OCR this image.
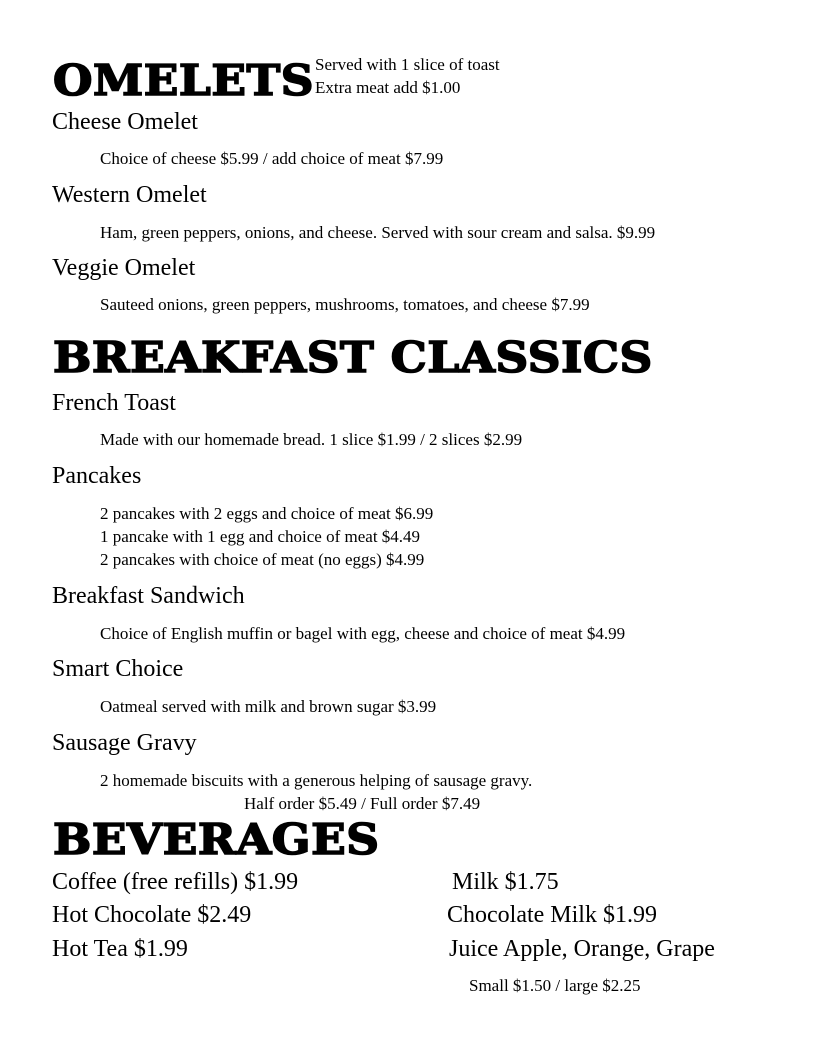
OMELETS Served with 1 slice of toast
Extra meat add $1.00
Cheese Omelet
Choice of cheese $5.99 / add choice of meat $7.99
Western Omelet
Ham, green peppers, onions, and cheese. Served with sour cream and salsa. $9.99
Veggie Omelet
Sauteed onions, green peppers, mushrooms, tomatoes, and cheese $7.99
BREAKFAST CLASSICS
French Toast
Made with our homemade bread. 1 slice $1.99 / 2 slices $2.99
Pancakes
2 pancakes with 2 eggs and choice of meat $6.99
1 pancake with 1 egg and choice of meat $4.49
2 pancakes with choice of meat (no eggs) $4.99
Breakfast Sandwich
Choice of English muffin or bagel with egg, cheese and choice of meat $4.99
Smart Choice
Oatmeal served with milk and brown sugar $3.99
Sausage Gravy
2 homemade biscuits with a generous helping of sausage gravy.
Half order $5.49 / Full order $7.49
BEVERAGES
Coffee (free refills) $1.99
Hot Chocolate $2.49
Hot Tea $1.99
Milk $1.75
Chocolate Milk $1.99
Juice Apple, Orange, Grape
Small $1.50 / large $2.25
